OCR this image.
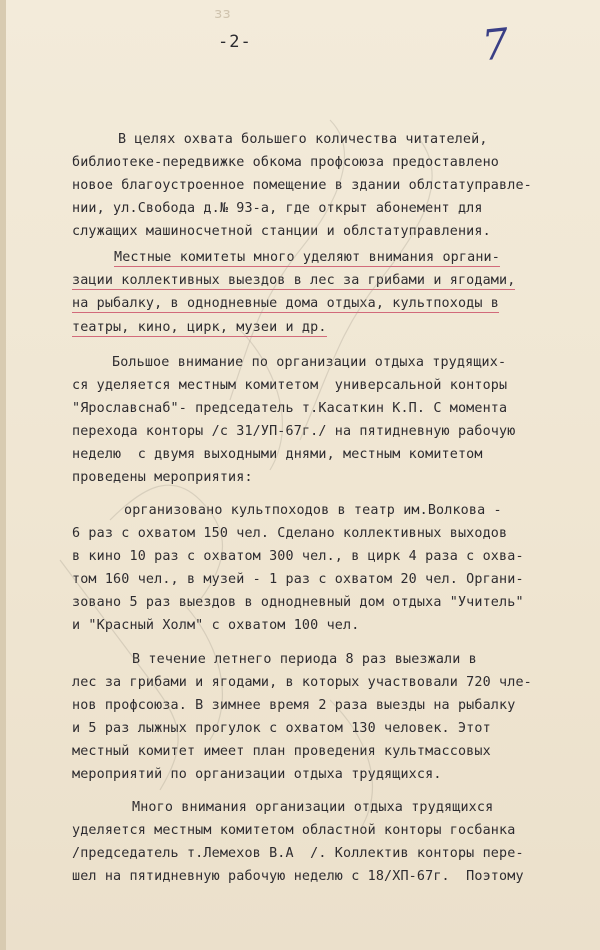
ɜɜ
-2-	7
В целях охвата большего количества читателей,
библиотеке-передвижке обкома профсоюза предоставлено
новое благоустроенное помещение в здании облстатуправле-
нии, ул.Свобода д.№ 93-а, где открыт абонемент для
служащих машиносчетной станции и облстатуправления.
Местные комитеты много уделяют внимания органи-
зации коллективных выездов в лес за грибами и ягодами,
на рыбалку, в однодневные дома отдыха, культпоходы в
театры, кино, цирк, музеи и др.
Большое внимание по организации отдыха трудящих-
ся уделяется местным комитетом  универсальной конторы
"Ярославснаб"- председатель т.Касаткин К.П. С момента
перехода конторы /с 31/УП-67г./ на пятидневную рабочую
неделю  с двумя выходными днями, местным комитетом
проведены мероприятия:
организовано культпоходов в театр им.Волкова -
6 раз с охватом 150 чел. Сделано коллективных выходов
в кино 10 раз с охватом 300 чел., в цирк 4 раза с охва-
том 160 чел., в музей - 1 раз с охватом 20 чел. Органи-
зовано 5 раз выездов в однодневный дом отдыха "Учитель"
и "Красный Холм" с охватом 100 чел.
В течение летнего периода 8 раз выезжали в
лес за грибами и ягодами, в которых участвовали 720 чле-
нов профсоюза. В зимнее время 2 раза выезды на рыбалку
и 5 раз лыжных прогулок с охватом 130 человек. Этот
местный комитет имеет план проведения культмассовых
мероприятий по организации отдыха трудящихся.
Много внимания организации отдыха трудящихся
уделяется местным комитетом областной конторы госбанка
/председатель т.Лемехов В.А  /. Коллектив конторы пере-
шел на пятидневную рабочую неделю с 18/ХП-67г.  Поэтому
